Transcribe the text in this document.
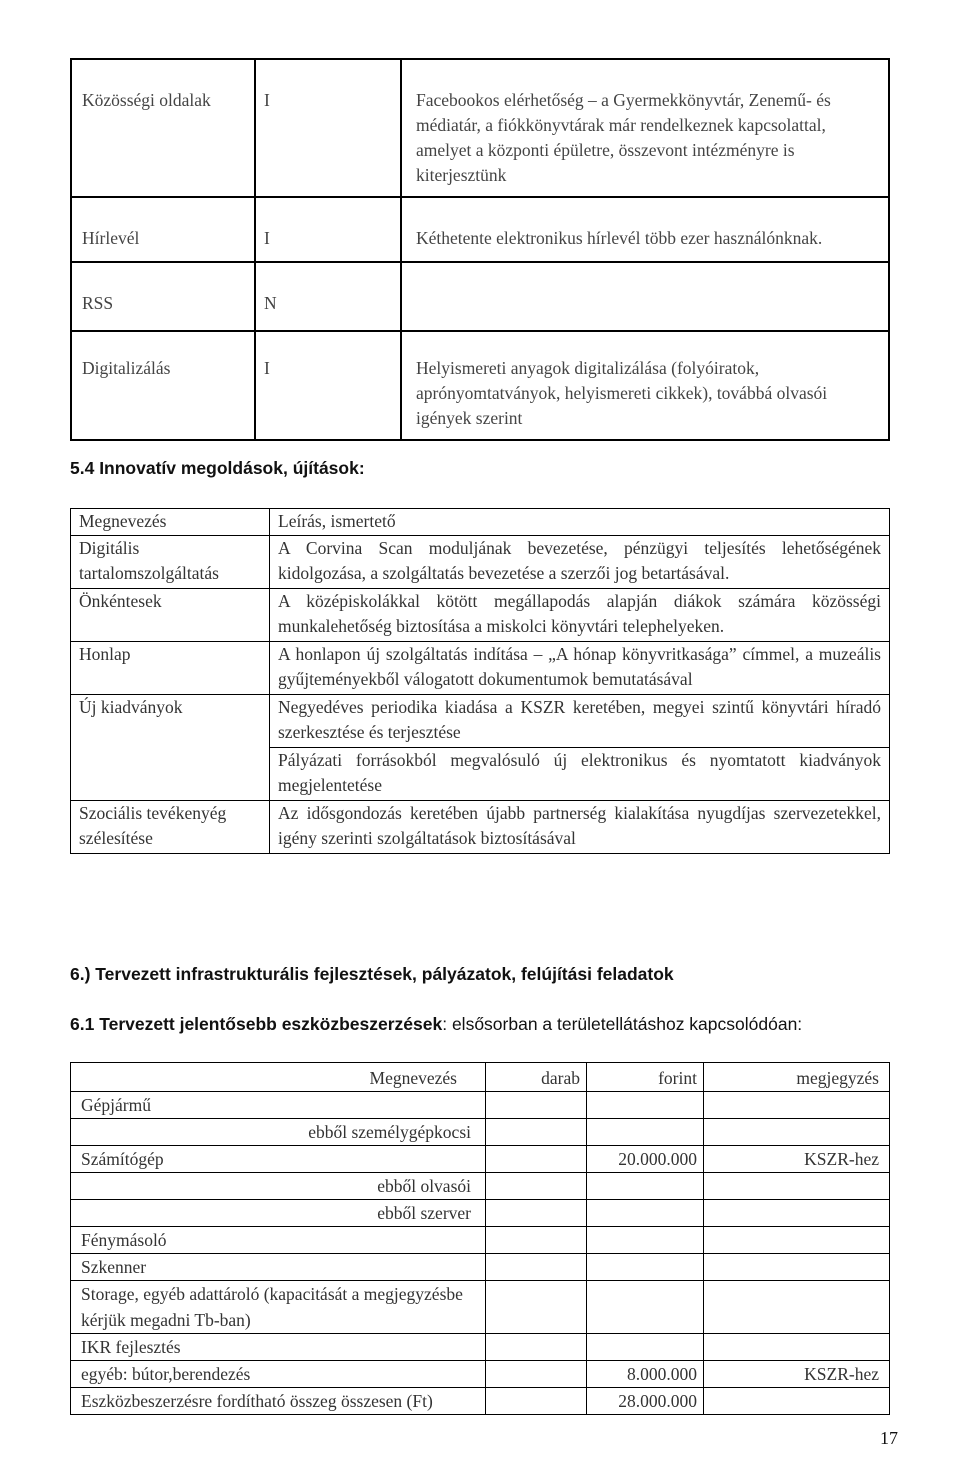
Közösségi oldalak	I	Facebookos elérhetőség – a Gyermekkönyvtár, Zenemű- és médiatár, a fiókkönyvtárak már rendelkeznek kapcsolattal, amelyet a központi épületre, összevont intézményre is kiterjesztünk
Hírlevél	I	Kéthetente elektronikus hírlevél több ezer használónknak.
RSS	N	
Digitalizálás	I	Helyismereti anyagok digitalizálása (folyóiratok, aprónyomtatványok, helyismereti cikkek), továbbá olvasói igények szerint

5.4 Innovatív megoldások, újítások:

Megnevezés	Leírás, ismertető
Digitális tartalomszolgáltatás	A Corvina Scan moduljának bevezetése, pénzügyi teljesítés lehetőségének kidolgozása, a szolgáltatás bevezetése a szerzői jog betartásával.
Önkéntesek	A középiskolákkal kötött megállapodás alapján diákok számára közösségi munkalehetőség biztosítása a miskolci könyvtári telephelyeken.
Honlap	A honlapon új szolgáltatás indítása – „A hónap könyvritkasága” címmel, a muzeális gyűjteményekből válogatott dokumentumok bemutatásával
Új kiadványok	Negyedéves periodika kiadása a KSZR keretében, megyei szintű könyvtári híradó szerkesztése és terjesztése
	Pályázati forrásokból megvalósuló új elektronikus és nyomtatott kiadványok megjelentetése
Szociális tevékenyég szélesítése	Az idősgondozás keretében újabb partnerség kialakítása nyugdíjas szervezetekkel, igény szerinti szolgáltatások biztosításával

6.) Tervezett infrastrukturális fejlesztések, pályázatok, felújítási feladatok

6.1 Tervezett jelentősebb eszközbeszerzések: elsősorban a területellátáshoz kapcsolódóan:

Megnevezés	darab	forint	megjegyzés
Gépjármű			
ebből személygépkocsi			
Számítógép		20.000.000	KSZR-hez
ebből olvasói			
ebből szerver			
Fénymásoló			
Szkenner			
Storage, egyéb adattároló (kapacitását a megjegyzésbe kérjük megadni Tb-ban)			
IKR fejlesztés			
egyéb: bútor,berendezés		8.000.000	KSZR-hez
Eszközbeszerzésre fordítható összeg összesen (Ft)		28.000.000	
17
